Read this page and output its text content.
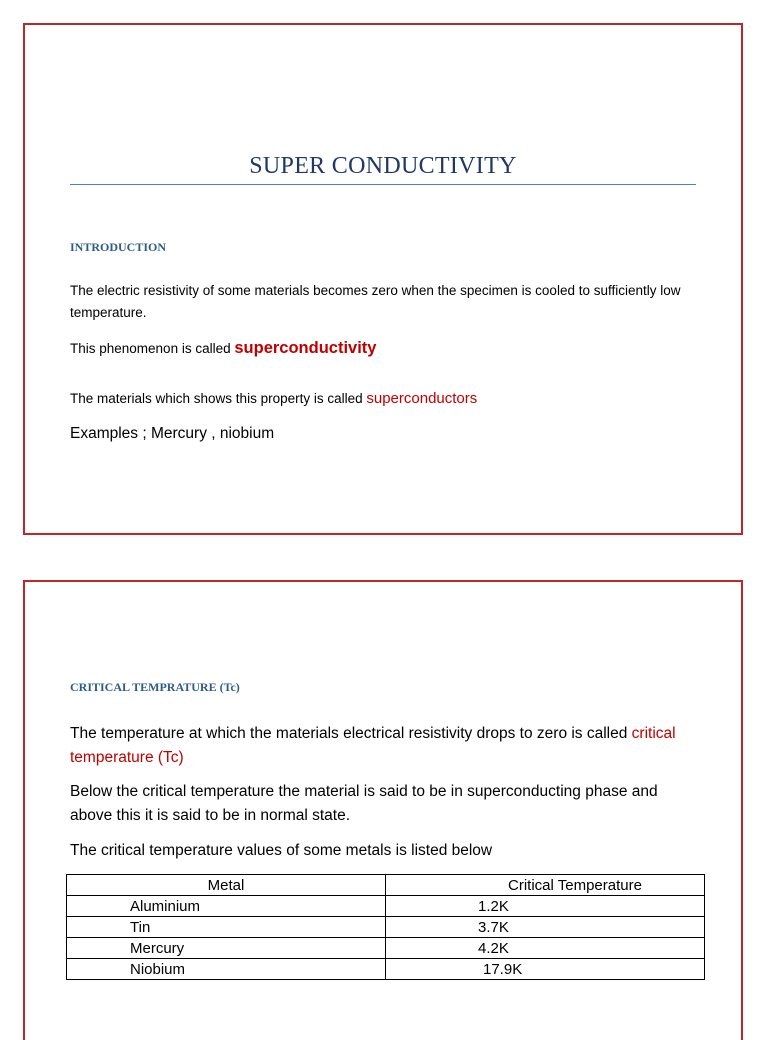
SUPER CONDUCTIVITY
INTRODUCTION
The electric resistivity of some materials becomes zero when the specimen is cooled to sufficiently low temperature.
This phenomenon is called superconductivity
The materials which shows this property is called superconductors
Examples ; Mercury , niobium
CRITICAL TEMPRATURE (Tc)
The temperature at which the materials electrical resistivity drops to zero is called critical temperature (Tc)
Below the critical temperature the material is said to be in superconducting phase and above this it is said to be in normal state.
The critical temperature values of some metals is listed below
Metal	Critical Temperature
Aluminium	1.2K
Tin	3.7K
Mercury	4.2K
Niobium	17.9K
